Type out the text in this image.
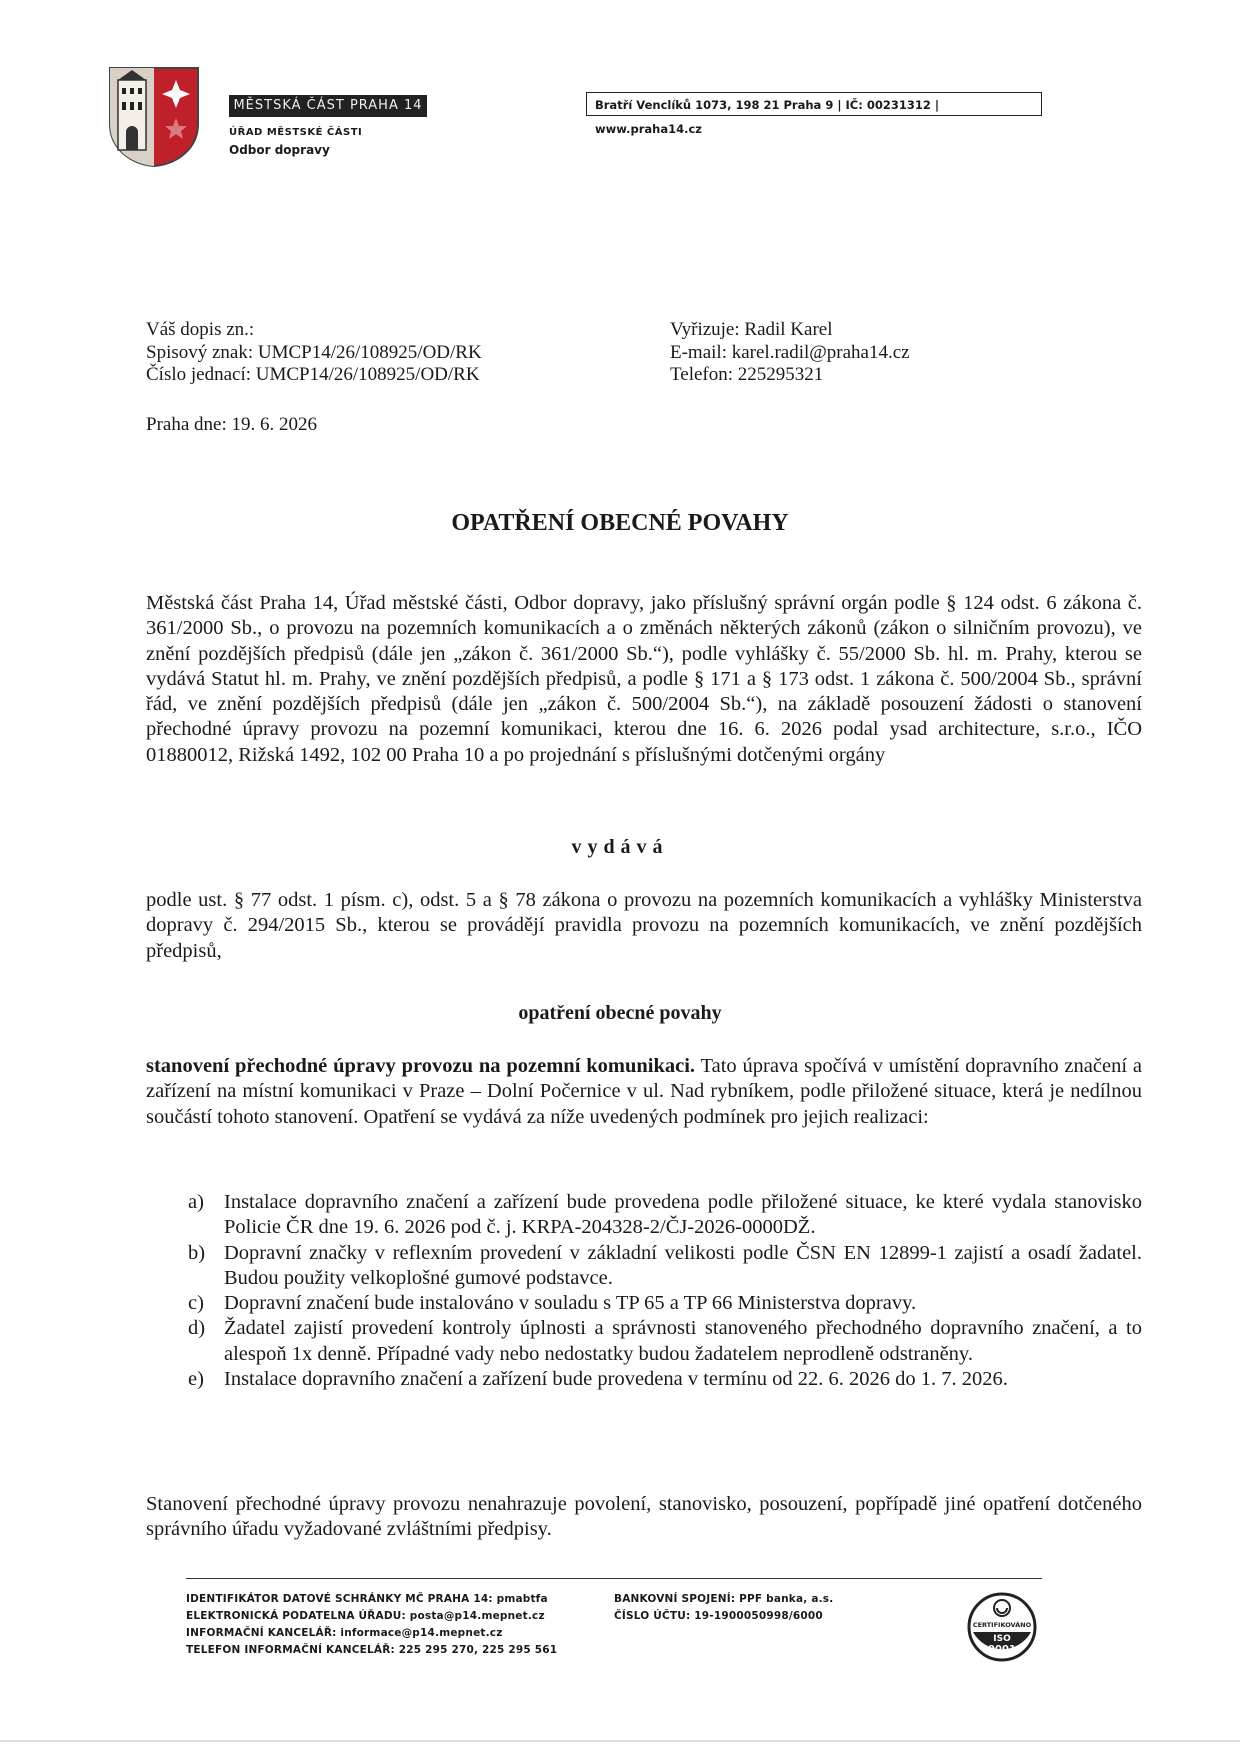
MĚSTSKÁ ČÁST PRAHA 14
ÚŘAD MĚSTSKÉ ČÁSTI
Odbor dopravy
Bratří Venclíků 1073, 198 21 Praha 9 | IČ: 00231312 | www.praha14.cz
Váš dopis zn.:
Spisový znak: UMCP14/26/108925/OD/RK
Číslo jednací: UMCP14/26/108925/OD/RK
Vyřizuje: Radil Karel
E-mail: karel.radil@praha14.cz
Telefon: 225295321
Praha dne: 19. 6. 2026
OPATŘENÍ OBECNÉ POVAHY
Městská část Praha 14, Úřad městské části, Odbor dopravy, jako příslušný správní orgán podle § 124 odst. 6 zákona č. 361/2000 Sb., o provozu na pozemních komunikacích a o změnách některých zákonů (zákon o silničním provozu), ve znění pozdějších předpisů (dále jen „zákon č. 361/2000 Sb.“), podle vyhlášky č. 55/2000 Sb. hl. m. Prahy, kterou se vydává Statut hl. m. Prahy, ve znění pozdějších předpisů, a podle § 171 a § 173 odst. 1 zákona č. 500/2004 Sb., správní řád, ve znění pozdějších předpisů (dále jen „zákon č. 500/2004 Sb.“), na základě posouzení žádosti o stanovení přechodné úpravy provozu na pozemní komunikaci, kterou dne 16. 6. 2026 podal ysad architecture, s.r.o., IČO 01880012, Rižská 1492, 102 00 Praha 10 a po projednání s příslušnými dotčenými orgány
vydává
podle ust. § 77 odst. 1 písm. c), odst. 5 a § 78 zákona o provozu na pozemních komunikacích a vyhlášky Ministerstva dopravy č. 294/2015 Sb., kterou se provádějí pravidla provozu na pozemních komunikacích, ve znění pozdějších předpisů,
opatření obecné povahy
stanovení přechodné úpravy provozu na pozemní komunikaci. Tato úprava spočívá v umístění dopravního značení a zařízení na místní komunikaci v Praze – Dolní Počernice v ul. Nad rybníkem, podle přiložené situace, která je nedílnou součástí tohoto stanovení. Opatření se vydává za níže uvedených podmínek pro jejich realizaci:
a) Instalace dopravního značení a zařízení bude provedena podle přiložené situace, ke které vydala stanovisko Policie ČR dne 19. 6. 2026 pod č. j. KRPA-204328-2/ČJ-2026-0000DŽ.
b) Dopravní značky v reflexním provedení v základní velikosti podle ČSN EN 12899-1 zajistí a osadí žadatel. Budou použity velkoplošné gumové podstavce.
c) Dopravní značení bude instalováno v souladu s TP 65 a TP 66 Ministerstva dopravy.
d) Žadatel zajistí provedení kontroly úplnosti a správnosti stanoveného přechodného dopravního značení, a to alespoň 1x denně. Případné vady nebo nedostatky budou žadatelem neprodleně odstraněny.
e) Instalace dopravního značení a zařízení bude provedena v termínu od 22. 6. 2026 do 1. 7. 2026.
Stanovení přechodné úpravy provozu nenahrazuje povolení, stanovisko, posouzení, popřípadě jiné opatření dotčeného správního úřadu vyžadované zvláštními předpisy.
IDENTIFIKÁTOR DATOVÉ SCHRÁNKY MČ PRAHA 14: pmabtfa
ELEKTRONICKÁ PODATELNA ÚŘADU: posta@p14.mepnet.cz
INFORMAČNÍ KANCELÁŘ: informace@p14.mepnet.cz
TELEFON INFORMAČNÍ KANCELÁŘ: 225 295 270, 225 295 561
BANKOVNÍ SPOJENÍ: PPF banka, a.s.
ČÍSLO ÚČTU: 19-1900050998/6000
CERTIFIKOVÁNO
ISO
9001
